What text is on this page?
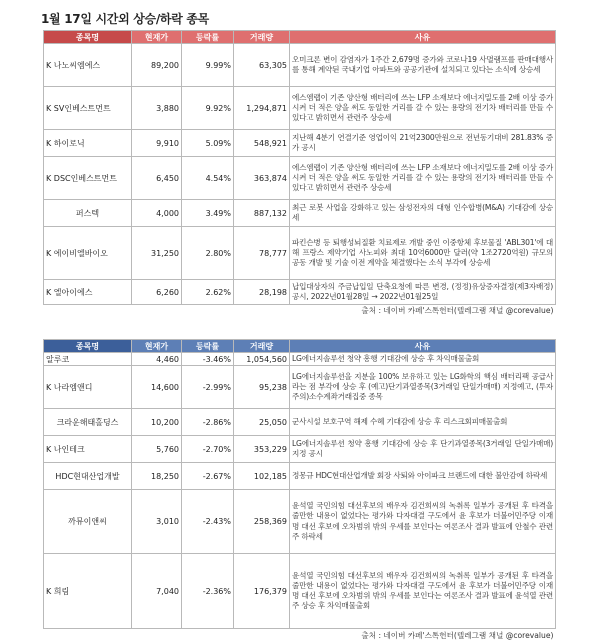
1월 17일 시간외 상승/하락 종목
종목명	현재가	등락률	거래량	사유
K 나노씨엠에스	89,200	9.99%	63,305	오미크론 변이 감염자가 1주간 2,679명 증가와 코로나19 사멸램프를 판매대행사를 통해 계약된 국내기업 아파트와 공공기관에 설치되고 있다는 소식에 상승세
K SV인베스트먼트	3,880	9.92%	1,294,871	에스엠랩이 기존 양산형 배터리에 쓰는 LFP 소재보다 에너지밀도를 2배 이상 증가시켜 더 적은 양을 써도 동일한 거리를 갈 수 있는 용량의 전기차 배터리를 만들 수 있다고 밝히면서 관련주 상승세
K 하이로닉	9,910	5.09%	548,921	지난해 4분기 연결기준 영업이익 21억2300만원으로 전년동기대비 281.83% 증가 공시
K DSC인베스트먼트	6,450	4.54%	363,874	에스엠랩이 기존 양산형 배터리에 쓰는 LFP 소재보다 에너지밀도를 2배 이상 증가시켜 더 적은 양을 써도 동일한 거리를 갈 수 있는 용량의 전기차 배터리를 만들 수 있다고 밝히면서 관련주 상승세
퍼스텍	4,000	3.49%	887,132	최근 로봇 사업을 강화하고 있는 삼성전자의 대형 인수합병(M&A) 기대감에 상승세
K 에이비엘바이오	31,250	2.80%	78,777	파킨슨병 등 퇴행성뇌질환 치료제로 개발 중인 이중항체 후보물질 'ABL301'에 대해 프랑스 제약기업 사노피와 최대 10억6000만 달러(약 1조2720억원) 규모의 공동 개발 및 기술 이전 계약을 체결했다는 소식 부각에 상승세
K 엘아이에스	6,260	2.62%	28,198	납입대상자의 주금납입일 단축요청에 따른 변경, (정정)유상증자결정(제3자배정) 공시, 2022년01월28일 → 2022년01월25일
출처 : 네이버 카페'스톡헌터(텔레그램 채널 @corevalue)				
종목명	현재가	등락률	거래량	사유
알루코	4,460	-3.46%	1,054,560	LG에너지솔루션 청약 흥행 기대감에 상승 후 차익매물출회
K 나라엠앤디	14,600	-2.99%	95,238	LG에너지솔루션을 지분을 100% 보유하고 있는 LG화학의 핵심 배터리팩 공급사라는 점 부각에 상승 후 (예고)단기과열종목(3거래일 단일가매매) 지정예고, (투자주의)소수계좌거래집중 종목
크라운해태홀딩스	10,200	-2.86%	25,050	군사시설 보호구역 해제 수혜 기대감에 상승 후 리스크회피매물출회
K 나인테크	5,760	-2.70%	353,229	LG에너지솔루션 청약 흥행 기대감에 상승 후 단기과열종목(3거래일 단일가매매) 지정 공시
HDC현대산업개발	18,250	-2.67%	102,185	정몽규 HDC현대산업개발 회장 사퇴와 아이파크 브랜드에 대한 불안감에 하락세
까뮤이앤씨	3,010	-2.43%	258,369	윤석열 국민의힘 대선후보의 배우자 김건희씨의 녹취록 일부가 공개된 후 타격을 줄만한 내용이 없었다는 평가와 다자대결 구도에서 윤 후보가 더불어민주당 이재명 대선 후보에 오차범위 밖의 우세를 보인다는 여론조사 결과 발표에 안철수 관련주 하락세
K 희림	7,040	-2.36%	176,379	윤석열 국민의힘 대선후보의 배우자 김건희씨의 녹취록 일부가 공개된 후 타격을 줄만한 내용이 없었다는 평가와 다자대결 구도에서 윤 후보가 더불어민주당 이재명 대선 후보에 오차범위 밖의 우세를 보인다는 여론조사 결과 발표에 윤석열 관련주 상승 후 차익매물출회
출처 : 네이버 카페'스톡헌터(텔레그램 채널 @corevalue)				
